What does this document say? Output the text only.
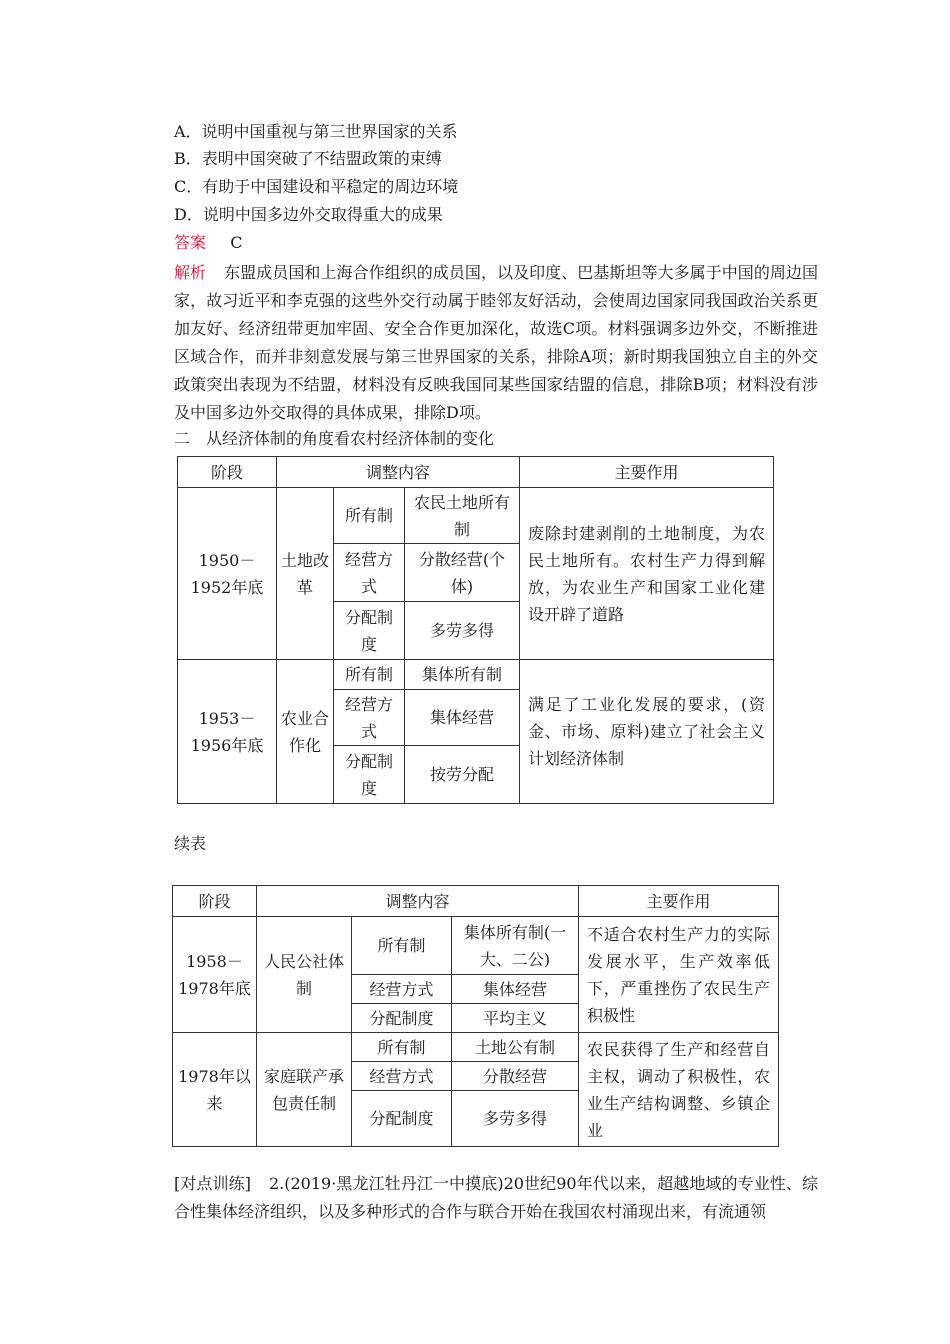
A．说明中国重视与第三世界国家的关系
B．表明中国突破了不结盟政策的束缚
C．有助于中国建设和平稳定的周边环境
D．说明中国多边外交取得重大的成果
答案 C

解析 东盟成员国和上海合作组织的成员国，以及印度、巴基斯坦等大多属于中国的周边国家，故习近平和李克强的这些外交行动属于睦邻友好活动，会使周边国家同我国政治关系更加友好、经济纽带更加牢固、安全合作更加深化，故选C项。材料强调多边外交，不断推进区域合作，而并非刻意发展与第三世界国家的关系，排除A项；新时期我国独立自主的外交政策突出表现为不结盟，材料没有反映我国同某些国家结盟的信息，排除B项；材料没有涉及中国多边外交取得的具体成果，排除D项。

二　从经济体制的角度看农村经济体制的变化
阶段	调整内容			主要作用
1950－1952年底	土地改革	所有制	农民土地所有制	废除封建剥削的土地制度，为农民土地所有。农村生产力得到解放，为农业生产和国家工业化建设开辟了道路
		经营方式	分散经营(个体)	
		分配制度	多劳多得	
1953－1956年底	农业合作化	所有制	集体所有制	满足了工业化发展的要求，(资金、市场、原料)建立了社会主义计划经济体制
		经营方式	集体经营	
		分配制度	按劳分配	
续表
阶段	调整内容			主要作用
1958－1978年底	人民公社体制	所有制	集体所有制(一大、二公)	不适合农村生产力的实际发展水平，生产效率低下，严重挫伤了农民生产积极性
		经营方式	集体经营	
		分配制度	平均主义	
1978年以来	家庭联产承包责任制	所有制	土地公有制	农民获得了生产和经营自主权，调动了积极性，农业生产结构调整、乡镇企业
		经营方式	分散经营	
		分配制度	多劳多得	

[对点训练] 2.(2019·黑龙江牡丹江一中摸底)20世纪90年代以来，超越地域的专业性、综合性集体经济组织，以及多种形式的合作与联合开始在我国农村涌现出来，有流通领
